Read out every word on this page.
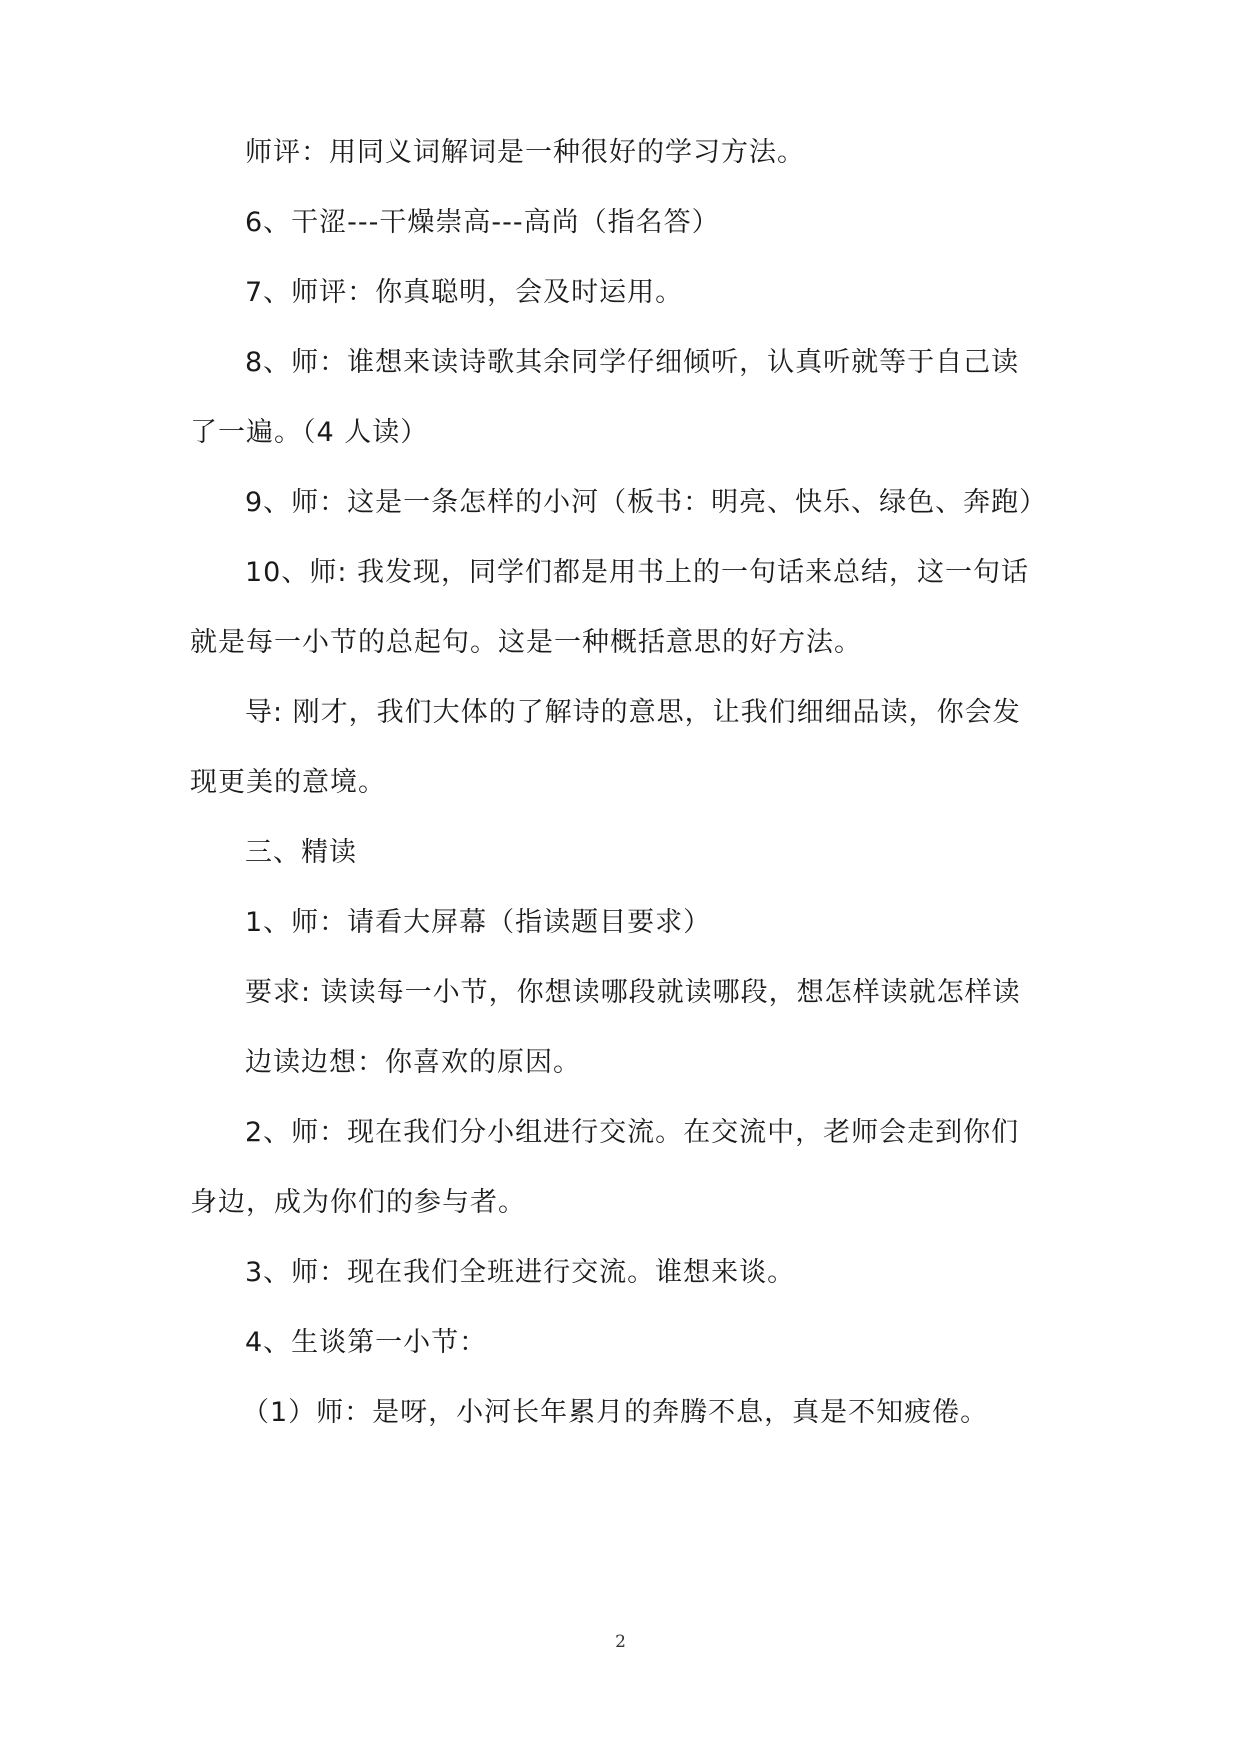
师评：用同义词解词是一种很好的学习方法。

6、干涩---干燥崇高---高尚（指名答）

7、师评：你真聪明，会及时运用。

8、师：谁想来读诗歌其余同学仔细倾听，认真听就等于自己读

了一遍。（4 人读）

9、师：这是一条怎样的小河（板书：明亮、快乐、绿色、奔跑）

10、师: 我发现，同学们都是用书上的一句话来总结，这一句话

就是每一小节的总起句。这是一种概括意思的好方法。

导: 刚才，我们大体的了解诗的意思，让我们细细品读，你会发

现更美的意境。

三、精读

1、师：请看大屏幕（指读题目要求）

要求: 读读每一小节，你想读哪段就读哪段，想怎样读就怎样读

边读边想：你喜欢的原因。

2、师：现在我们分小组进行交流。在交流中，老师会走到你们

身边，成为你们的参与者。

3、师：现在我们全班进行交流。谁想来谈。

4、生谈第一小节：

（1）师：是呀，小河长年累月的奔腾不息，真是不知疲倦。

2
